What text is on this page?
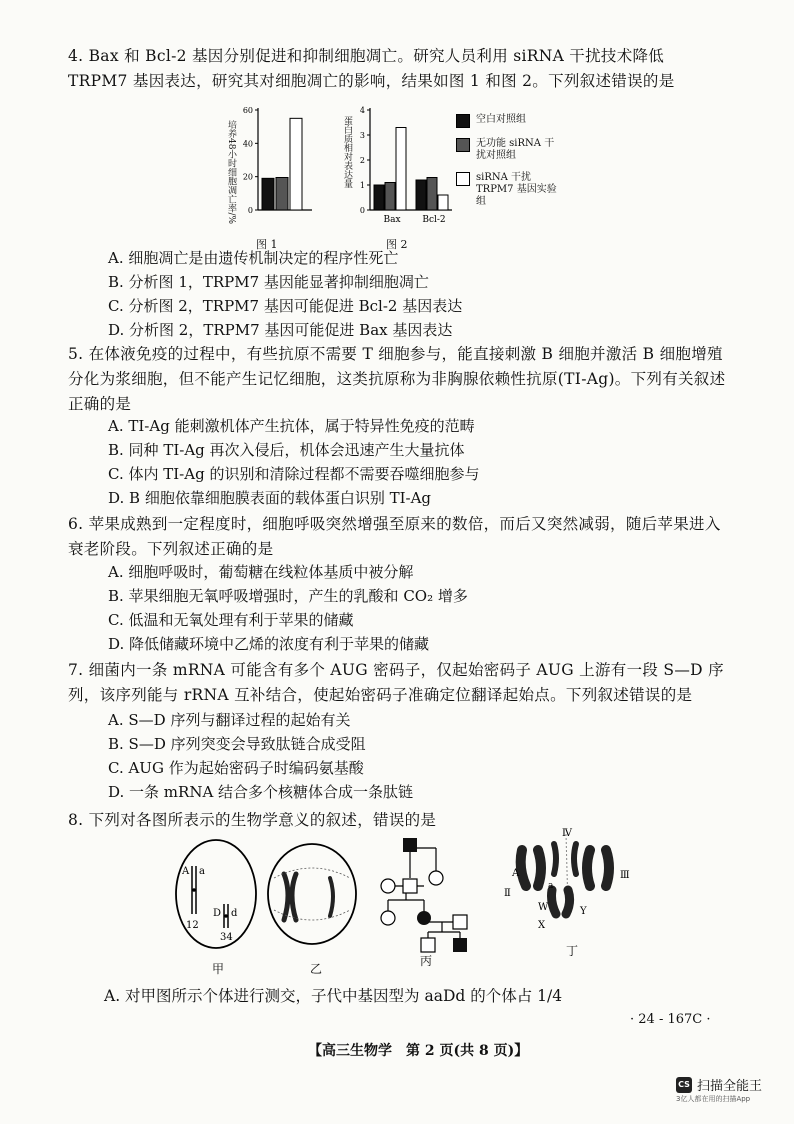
4. Bax 和 Bcl-2 基因分别促进和抑制细胞凋亡。研究人员利用 siRNA 干扰技术降低 TRPM7 基因表达，研究其对细胞凋亡的影响，结果如图 1 和图 2。下列叙述错误的是
0
20
40
60
培养48小时细胞凋亡率/%
图 1
0
1
2
3
4
Bax Bcl-2
蛋白质相对表达量
图 2
空白对照组
无功能 siRNA 干扰对照组
siRNA 干扰 TRPM7 基因实验组
A. 细胞凋亡是由遗传机制决定的程序性死亡
B. 分析图 1，TRPM7 基因能显著抑制细胞凋亡
C. 分析图 2，TRPM7 基因可能促进 Bcl-2 基因表达
D. 分析图 2，TRPM7 基因可能促进 Bax 基因表达
5. 在体液免疫的过程中，有些抗原不需要 T 细胞参与，能直接刺激 B 细胞并激活 B 细胞增殖分化为浆细胞，但不能产生记忆细胞，这类抗原称为非胸腺依赖性抗原(TI-Ag)。下列有关叙述正确的是
A. TI-Ag 能刺激机体产生抗体，属于特异性免疫的范畴
B. 同种 TI-Ag 再次入侵后，机体会迅速产生大量抗体
C. 体内 TI-Ag 的识别和清除过程都不需要吞噬细胞参与
D. B 细胞依靠细胞膜表面的载体蛋白识别 TI-Ag
6. 苹果成熟到一定程度时，细胞呼吸突然增强至原来的数倍，而后又突然减弱，随后苹果进入衰老阶段。下列叙述正确的是
A. 细胞呼吸时，葡萄糖在线粒体基质中被分解
B. 苹果细胞无氧呼吸增强时，产生的乳酸和 CO₂ 增多
C. 低温和无氧处理有利于苹果的储藏
D. 降低储藏环境中乙烯的浓度有利于苹果的储藏
7. 细菌内一条 mRNA 可能含有多个 AUG 密码子，仅起始密码子 AUG 上游有一段 S—D 序列，该序列能与 rRNA 互补结合，使起始密码子准确定位翻译起始点。下列叙述错误的是
A. S—D 序列与翻译过程的起始有关
B. S—D 序列突变会导致肽链合成受阻
C. AUG 作为起始密码子时编码氨基酸
D. 一条 mRNA 结合多个核糖体合成一条肽链
8. 下列对各图所表示的生物学意义的叙述，错误的是
A a
12
D d
34
Ⅳ
Ⅱ
Ⅲ
A
a
W
X
Y
甲	乙
丙
丁
A. 对甲图所示个体进行测交，子代中基因型为 aaDd 的个体占 1/4
· 24 - 167C ·
【高三生物学　第 2 页(共 8 页)】
CS 扫描全能王
3亿人都在用的扫描App
